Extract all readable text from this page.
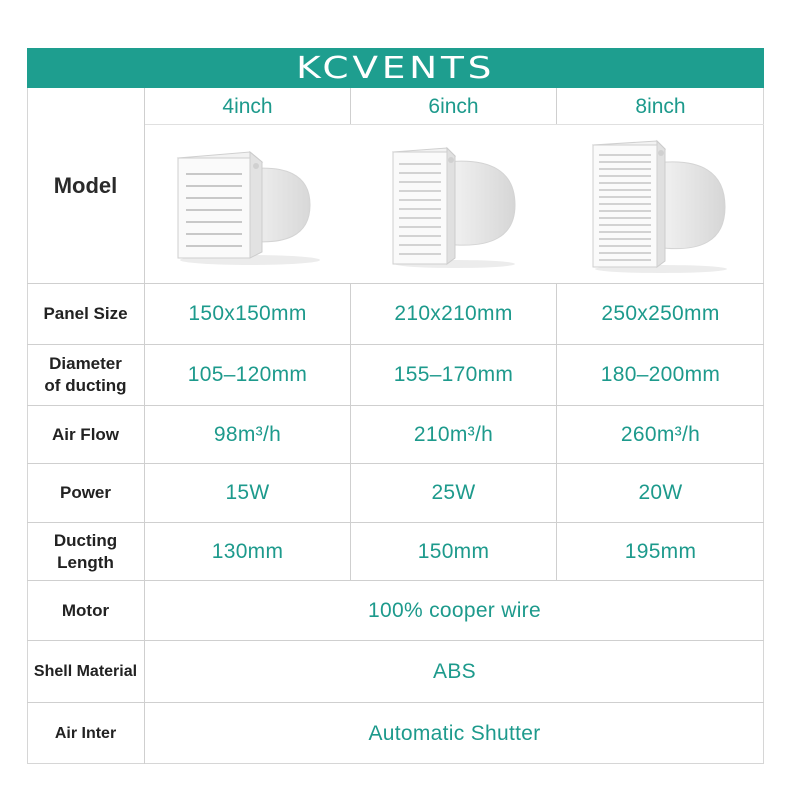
KCVENTS
Model
4inch	6inch	8inch
Panel Size	150x150mm	210x210mm	250x250mm
Diameter
of ducting	105–120mm	155–170mm	180–200mm
Air Flow	98m³/h	210m³/h	260m³/h
Power	15W	25W	20W
Ducting
Length	130mm	150mm	195mm
Motor	100% cooper wire
Shell Material	ABS
Air Inter	Automatic Shutter
